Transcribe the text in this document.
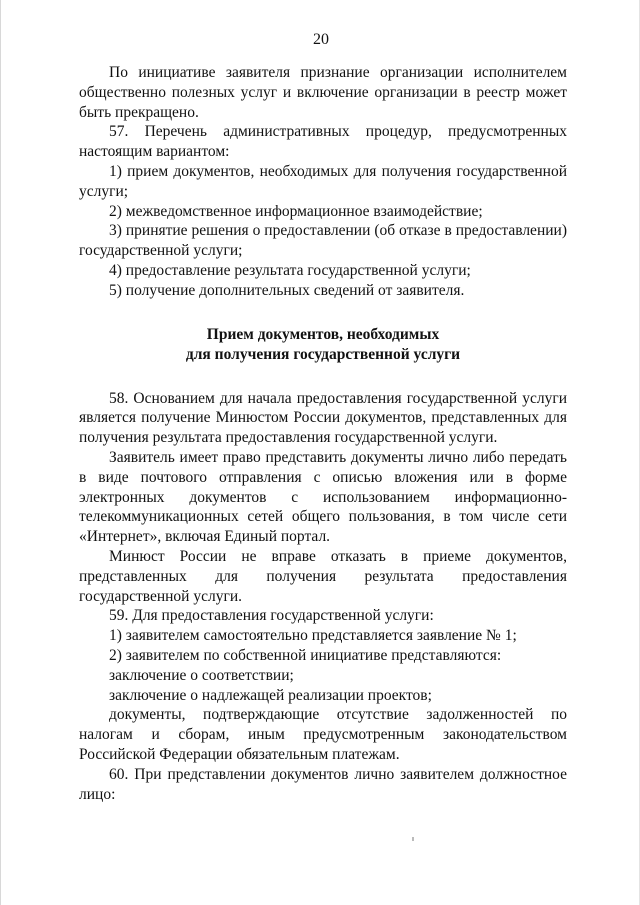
20

По инициативе заявителя признание организации исполнителем общественно полезных услуг и включение организации в реестр может быть прекращено.

57. Перечень административных процедур, предусмотренных настоящим вариантом:

1) прием документов, необходимых для получения государственной услуги;

2) межведомственное информационное взаимодействие;

3) принятие решения о предоставлении (об отказе в предоставлении) государственной услуги;

4) предоставление результата государственной услуги;

5) получение дополнительных сведений от заявителя.

Прием документов, необходимых

для получения государственной услуги

58. Основанием для начала предоставления государственной услуги является получение Минюстом России документов, представленных для получения результата предоставления государственной услуги.

Заявитель имеет право представить документы лично либо передать в виде почтового отправления с описью вложения или в форме электронных документов с использованием информационно-телекоммуникационных сетей общего пользования, в том числе сети «Интернет», включая Единый портал.

Минюст России не вправе отказать в приеме документов, представленных для получения результата предоставления государственной услуги.

59. Для предоставления государственной услуги:

1) заявителем самостоятельно представляется заявление № 1;

2) заявителем по собственной инициативе представляются:

заключение о соответствии;

заключение о надлежащей реализации проектов;

документы, подтверждающие отсутствие задолженностей по налогам и сборам, иным предусмотренным законодательством Российской Федерации обязательным платежам.

60. При представлении документов лично заявителем должностное лицо:
